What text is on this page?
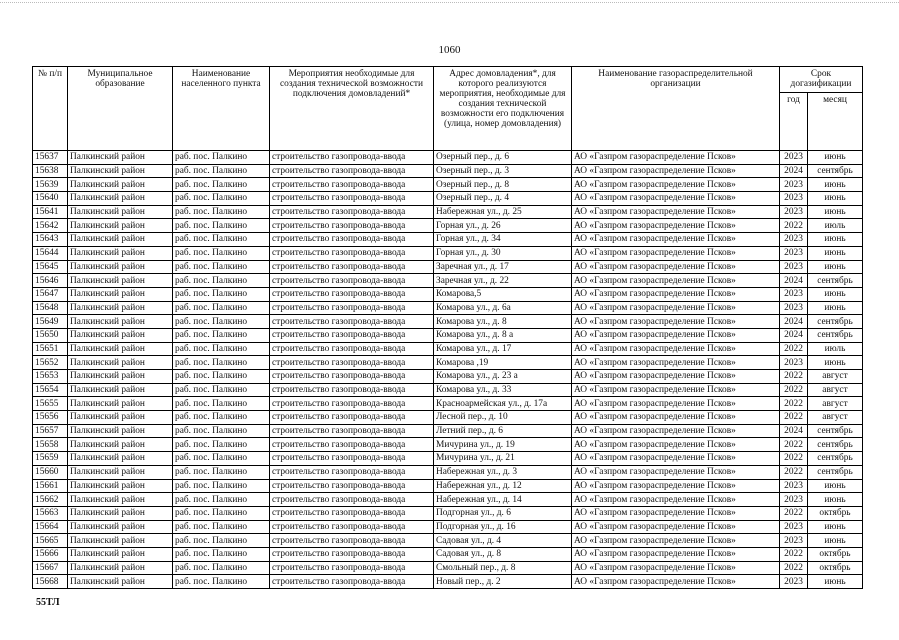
1060
№ п/п	Муниципальное образование	Наименование населенного пункта	Мероприятия необходимые для создания технической возможности подключения домовладений*	Адрес домовладения*, для которого реализуются мероприятия, необходимые для создания технической возможности его подключения (улица, номер домовладения)	Наименование газораспределительной организации	Срок догазификации	
						год	месяц
15637	Палкинский район	раб. пос. Палкино	строительство газопровода-ввода	Озерный пер., д. 6	АО «Газпром газораспределение Псков»	2023	июнь
15638	Палкинский район	раб. пос. Палкино	строительство газопровода-ввода	Озерный пер., д. 3	АО «Газпром газораспределение Псков»	2024	сентябрь
15639	Палкинский район	раб. пос. Палкино	строительство газопровода-ввода	Озерный пер., д. 8	АО «Газпром газораспределение Псков»	2023	июнь
15640	Палкинский район	раб. пос. Палкино	строительство газопровода-ввода	Озерный пер., д. 4	АО «Газпром газораспределение Псков»	2023	июнь
15641	Палкинский район	раб. пос. Палкино	строительство газопровода-ввода	Набережная ул., д. 25	АО «Газпром газораспределение Псков»	2023	июнь
15642	Палкинский район	раб. пос. Палкино	строительство газопровода-ввода	Горная ул., д. 26	АО «Газпром газораспределение Псков»	2022	июль
15643	Палкинский район	раб. пос. Палкино	строительство газопровода-ввода	Горная ул., д. 34	АО «Газпром газораспределение Псков»	2023	июнь
15644	Палкинский район	раб. пос. Палкино	строительство газопровода-ввода	Горная ул., д. 30	АО «Газпром газораспределение Псков»	2023	июнь
15645	Палкинский район	раб. пос. Палкино	строительство газопровода-ввода	Заречная ул., д. 17	АО «Газпром газораспределение Псков»	2023	июнь
15646	Палкинский район	раб. пос. Палкино	строительство газопровода-ввода	Заречная ул., д. 22	АО «Газпром газораспределение Псков»	2024	сентябрь
15647	Палкинский район	раб. пос. Палкино	строительство газопровода-ввода	Комарова,5	АО «Газпром газораспределение Псков»	2023	июнь
15648	Палкинский район	раб. пос. Палкино	строительство газопровода-ввода	Комарова ул., д. 6а	АО «Газпром газораспределение Псков»	2023	июнь
15649	Палкинский район	раб. пос. Палкино	строительство газопровода-ввода	Комарова ул., д. 8	АО «Газпром газораспределение Псков»	2024	сентябрь
15650	Палкинский район	раб. пос. Палкино	строительство газопровода-ввода	Комарова ул., д. 8 а	АО «Газпром газораспределение Псков»	2024	сентябрь
15651	Палкинский район	раб. пос. Палкино	строительство газопровода-ввода	Комарова ул., д. 17	АО «Газпром газораспределение Псков»	2022	июль
15652	Палкинский район	раб. пос. Палкино	строительство газопровода-ввода	Комарова ,19	АО «Газпром газораспределение Псков»	2023	июнь
15653	Палкинский район	раб. пос. Палкино	строительство газопровода-ввода	Комарова ул., д. 23 а	АО «Газпром газораспределение Псков»	2022	август
15654	Палкинский район	раб. пос. Палкино	строительство газопровода-ввода	Комарова ул., д. 33	АО «Газпром газораспределение Псков»	2022	август
15655	Палкинский район	раб. пос. Палкино	строительство газопровода-ввода	Красноармейская ул., д. 17а	АО «Газпром газораспределение Псков»	2022	август
15656	Палкинский район	раб. пос. Палкино	строительство газопровода-ввода	Лесной пер., д. 10	АО «Газпром газораспределение Псков»	2022	август
15657	Палкинский район	раб. пос. Палкино	строительство газопровода-ввода	Летний пер., д. 6	АО «Газпром газораспределение Псков»	2024	сентябрь
15658	Палкинский район	раб. пос. Палкино	строительство газопровода-ввода	Мичурина ул., д. 19	АО «Газпром газораспределение Псков»	2022	сентябрь
15659	Палкинский район	раб. пос. Палкино	строительство газопровода-ввода	Мичурина ул., д. 21	АО «Газпром газораспределение Псков»	2022	сентябрь
15660	Палкинский район	раб. пос. Палкино	строительство газопровода-ввода	Набережная ул., д. 3	АО «Газпром газораспределение Псков»	2022	сентябрь
15661	Палкинский район	раб. пос. Палкино	строительство газопровода-ввода	Набережная ул., д. 12	АО «Газпром газораспределение Псков»	2023	июнь
15662	Палкинский район	раб. пос. Палкино	строительство газопровода-ввода	Набережная ул., д. 14	АО «Газпром газораспределение Псков»	2023	июнь
15663	Палкинский район	раб. пос. Палкино	строительство газопровода-ввода	Подгорная ул., д. 6	АО «Газпром газораспределение Псков»	2022	октябрь
15664	Палкинский район	раб. пос. Палкино	строительство газопровода-ввода	Подгорная ул., д. 16	АО «Газпром газораспределение Псков»	2023	июнь
15665	Палкинский район	раб. пос. Палкино	строительство газопровода-ввода	Садовая ул., д. 4	АО «Газпром газораспределение Псков»	2023	июнь
15666	Палкинский район	раб. пос. Палкино	строительство газопровода-ввода	Садовая ул., д. 8	АО «Газпром газораспределение Псков»	2022	октябрь
15667	Палкинский район	раб. пос. Палкино	строительство газопровода-ввода	Смольный пер., д. 8	АО «Газпром газораспределение Псков»	2022	октябрь
15668	Палкинский район	раб. пос. Палкино	строительство газопровода-ввода	Новый пер., д. 2	АО «Газпром газораспределение Псков»	2023	июнь
55ТЛ
